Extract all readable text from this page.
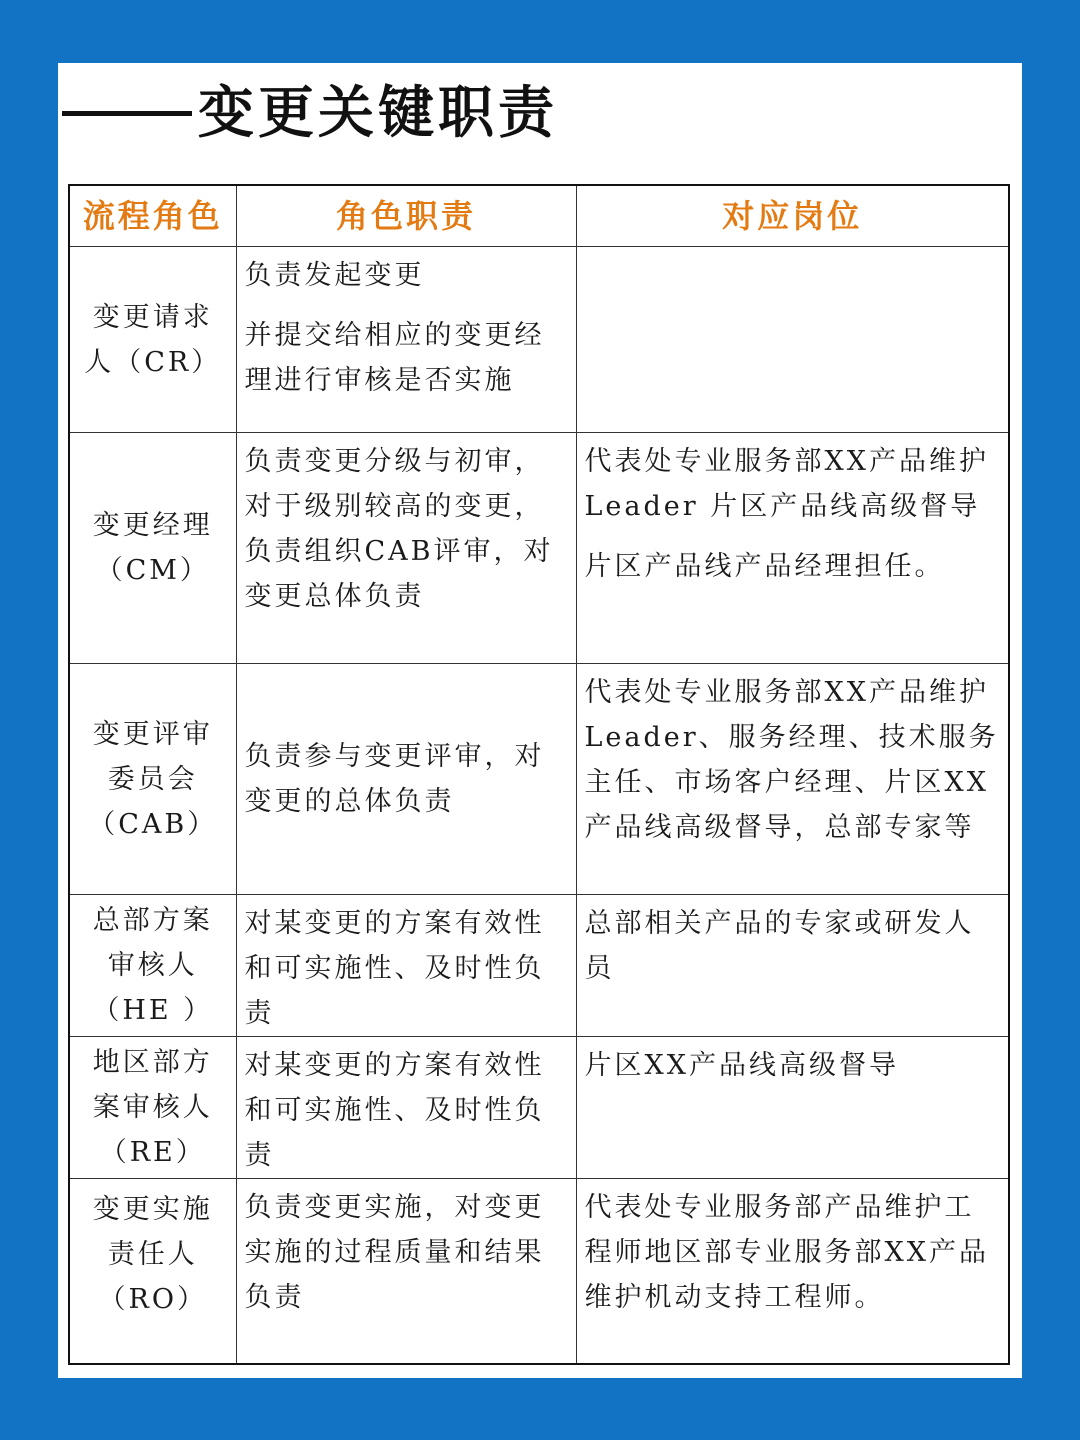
变更关键职责
流程角色	角色职责	对应岗位
变更请求人（CR）	负责发起变更
并提交给相应的变更经理进行审核是否实施	

变更经理（CM）	负责变更分级与初审，对于级别较高的变更，负责组织CAB评审，对变更总体负责	代表处专业服务部XX产品维护Leader 片区产品线高级督导
片区产品线产品经理担任。

变更评审委员会（CAB）	负责参与变更评审，对变更的总体负责	代表处专业服务部XX产品维护Leader、服务经理、技术服务主任、市场客户经理、片区XX产品线高级督导，总部专家等

总部方案审核人（HE ）	对某变更的方案有效性和可实施性、及时性负责	总部相关产品的专家或研发人员

地区部方案审核人（RE）	对某变更的方案有效性和可实施性、及时性负责	片区XX产品线高级督导

变更实施责任人（RO）	负责变更实施，对变更实施的过程质量和结果负责	代表处专业服务部产品维护工程师地区部专业服务部XX产品维护机动支持工程师。
